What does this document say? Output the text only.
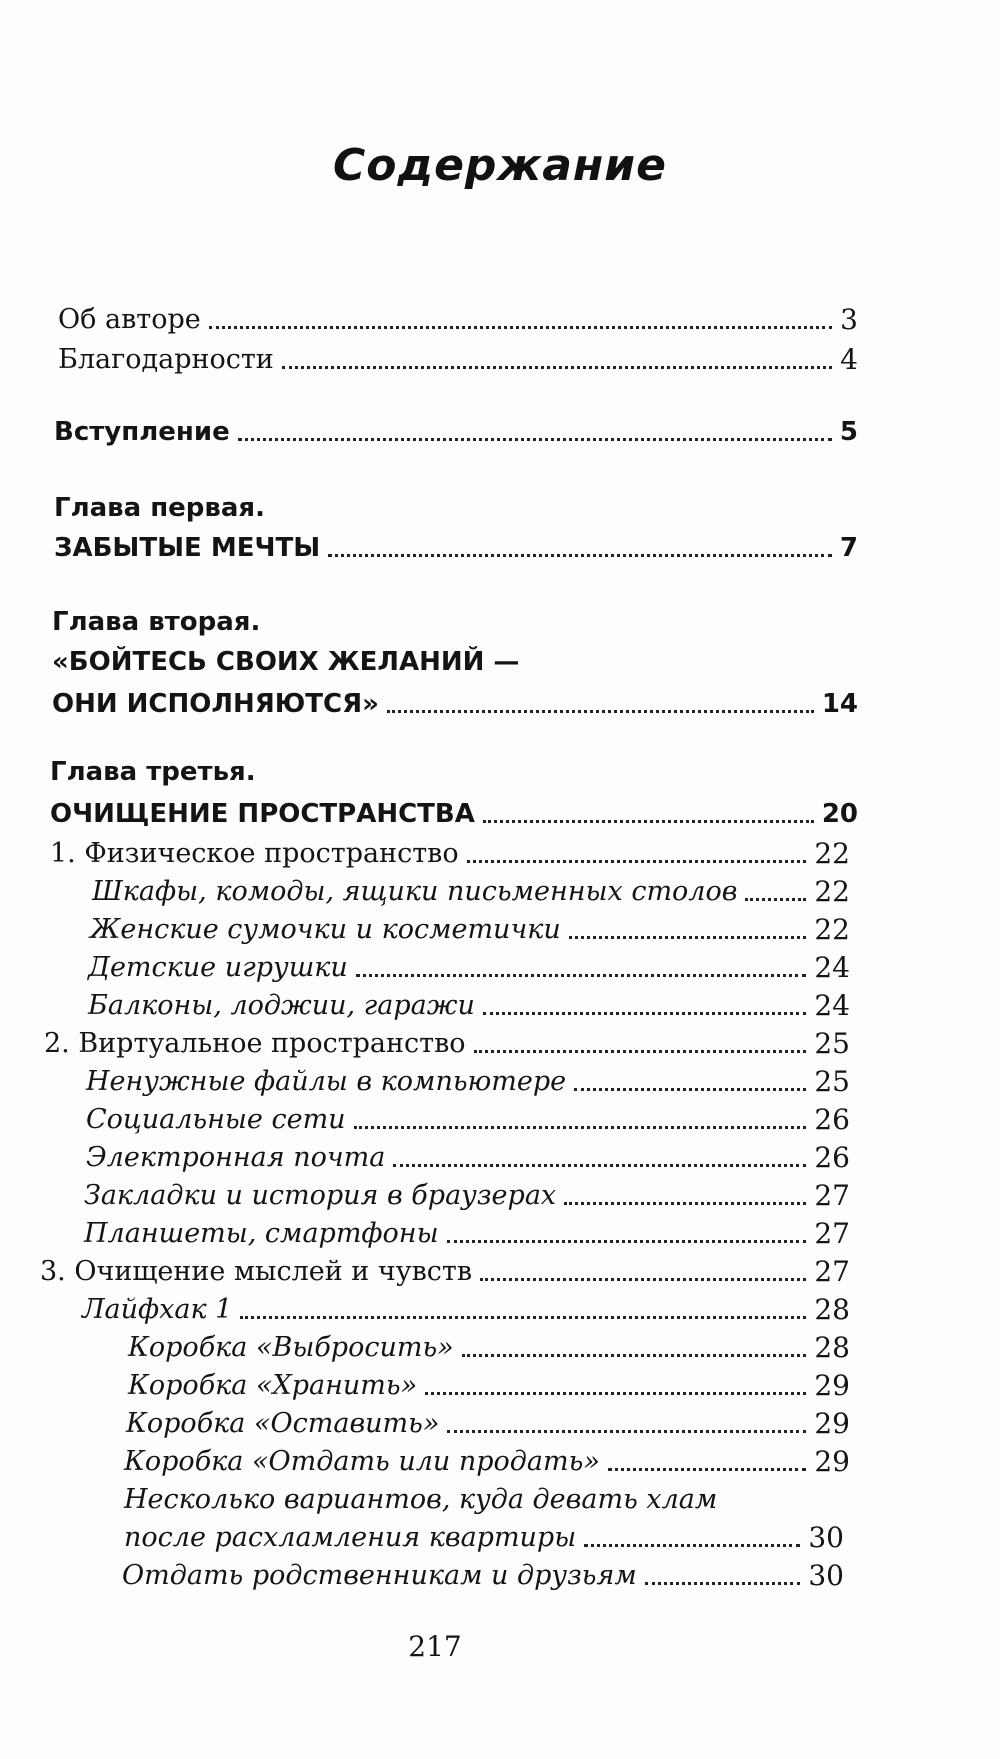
Содержание
Об авторе	3
Благодарности	4
Вступление	5
Глава первая.
ЗАБЫТЫЕ МЕЧТЫ	7
Глава вторая.
«БОЙТЕСЬ СВОИХ ЖЕЛАНИЙ —
ОНИ ИСПОЛНЯЮТСЯ»	14
Глава третья.
ОЧИЩЕНИЕ ПРОСТРАНСТВА	20
1. Физическое пространство	22
Шкафы, комоды, ящики письменных столов	22
Женские сумочки и косметички	22
Детские игрушки	24
Балконы, лоджии, гаражи	24
2. Виртуальное пространство	25
Ненужные файлы в компьютере	25
Социальные сети	26
Электронная почта	26
Закладки и история в браузерах	27
Планшеты, смартфоны	27
3. Очищение мыслей и чувств	27
Лайфхак 1	28
Коробка «Выбросить»	28
Коробка «Хранить»	29
Коробка «Оставить»	29
Коробка «Отдать или продать»	29
Несколько вариантов, куда девать хлам
после расхламления квартиры	30
Отдать родственникам и друзьям	30
217
